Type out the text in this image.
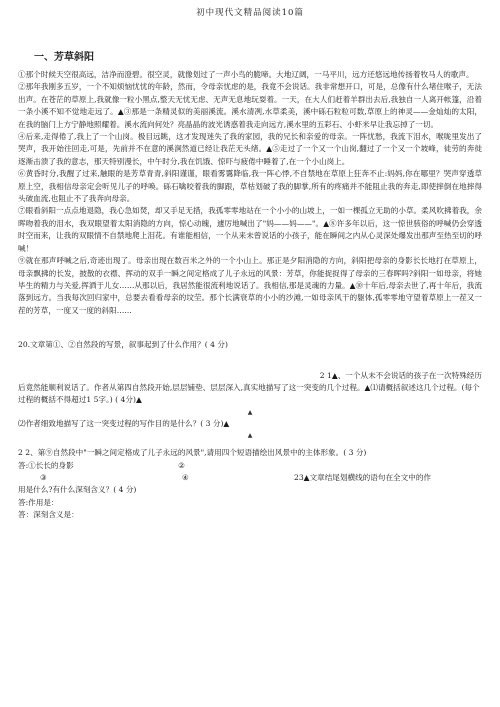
初中现代文精品阅读10篇
一、芳草斜阳

①那个时候天空很高远，洁净而澄碧。很空灵，就像划过了一声小鸟的脆啼。大地辽阔，一马平川，远方还悠远地传扬着牧马人的歌声。

②那年我刚多五岁，一个不知烦恼忧忧的年龄，然而，令母亲忧虑的是，我竟不会说话。我非常想开口，可是，总像有什么堵住喉子，无法出声。在苍茫的草原上,我就像一粒小黑点,整天无忧无虑、无声无息地玩耍着。一天，在大人们赶着羊群出去后,我独自一人离开帐篷，沿着一条小溪不知不觉地走远了。▲③那是一条精灵似的美丽溪流。溪水清冽,水草柔美，溪中砾石粒粒可数,草原上的神灵——金灿灿的太阳，在我的脑门上方宁静地照耀着。溪水流向何处？亮晶晶的波光诱惑着我走向远方,溪水里的五彩石、小虾米早让我忘掉了一切。

④后来,走得倦了,我上了一个山岗。极目远眺，这才发现迷失了我的家园，我的兄长和亲爱的母亲。一阵忧愁，我流下泪水，喉咙里发出了哭声，我开始往回走,可是，先前并不在意的溪涧然道已经让我茫无头绪。▲⑤走过了一个又一个山岗,翻过了一个又一个坡峰，徒劳的奔徙逐渐击溃了我的意志，那天特别漫长，中午时分,我在饥饿、惊吓与疲倦中睡着了,在一个小山岗上。

⑥黄昏时分,我醒了过来,触眼的是芳草青青,斜阳谨谨，眼看雾霭降临,我一阵心悸,不自禁地在草原上狂奔不止:妈妈,你在哪里？哭声穿透草原上空，我相信母亲定会听见儿子的呼唤。砾石噙咬着我的脚跟，草枯划破了我的脚掌,所有的疼痛并不能阻止我的奔走,即使摔倒在地摔得头破血流,也阻止不了我奔向母亲。

⑦眼看斜阳一点点地退隐，我心急如焚，却又手足无措，我孤零零地站在一个小小的山坡上，一如一棵孤立无助的小草。柔风吹拂着我，余晖吻着我的泪水，我双眼望着太阳消隐的方向，惊心动魄，遽厉地喊出了"妈——妈——"。▲⑧许多年以后，这一惊世骇俗的呼喊仍会穿透时空而来，让我的双眼情不自禁地爬上泪花。有谁能相信，一个从来未曾说话的小孩子，能在瞬间之内从心灵深处爆发出那声至热至切的呼喊！

⑨就在那声呼喊之后,奇迹出现了。母亲出现在数百米之外的一个小山上。那正是夕阳消隐的方向，斜阳把母亲的身影长长地打在草原上，母亲飘拂的长发，披散的衣襟、挥动的双手一瞬之间定格成了儿子永远的风景：芳草，你能捉捉得了母亲的三春晖吗?斜阳一如母亲，将她毕生的精力与关爱,挥洒于儿女……从那以后，我居然能很流利地说话了。我相信,那是灵魂的力量。▲⑩十年后,母亲去世了,再十年后，我流落到远方。当我每次回归家中，总要去看看母亲的坟茔。那个长满衰草的小小的沙滩,一如母亲风干的躯体,孤零零地守望着草原上一茬又一茬的芳草，一度又一度的斜阳……

20.文章第①、②自然段的写景，叙事起到了什么作用？( 4 分)

2 1▲、一个从未不会说话的孩子在一次特殊经历

后竟然能顺利说话了。作者从第四自然段开始,层层铺垫、层层深入,真实地描写了这一突变的几个过程。▲⑴请概括叙述这几个过程。(每个过程的概括不得超过1 5字。) ( 4分)▲

▲

⑵作者细致地描写了这一突变过程的写作目的是什么？( 3 分)▲

▲

2 2、第⑨自然段中"一瞬之间定格成了儿子永远的风景",请用四个短语描绘出风景中的主体形象。( 3 分)

答: ①长长的身影	②
③	④	23▲文章结尾划横线的语句在全文中的作

用是什么?有什么深刻含义？( 4 分)

答:作用是：

答：深刻含义是：
